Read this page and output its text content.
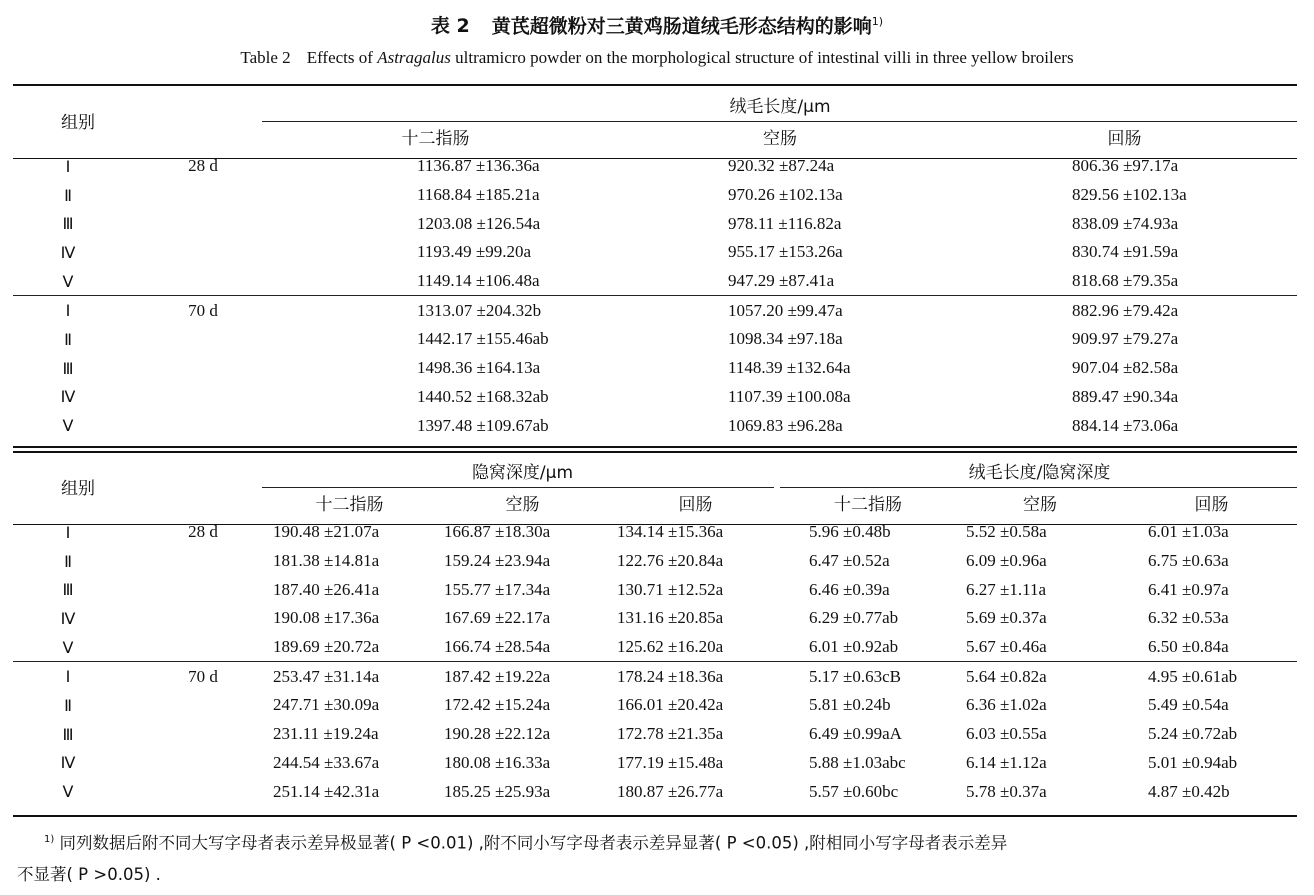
表 2 黄芪超微粉对三黄鸡肠道绒毛形态结构的影响$^{1)}$
Table 2 Effects of Astragalus ultramicro powder on the morphological structure of intestinal villi in three yellow broilers
组别		绒毛长度/μm		
		十二指肠	空肠	回肠
Ⅰ	28 d	1136.87 ±136.36a	920.32 ±87.24a	806.36 ±97.17a
Ⅱ		1168.84 ±185.21a	970.26 ±102.13a	829.56 ±102.13a
Ⅲ		1203.08 ±126.54a	978.11 ±116.82a	838.09 ±74.93a
Ⅳ		1193.49 ±99.20a	955.17 ±153.26a	830.74 ±91.59a
Ⅴ		1149.14 ±106.48a	947.29 ±87.41a	818.68 ±79.35a
Ⅰ	70 d	1313.07 ±204.32b	1057.20 ±99.47a	882.96 ±79.42a
Ⅱ		1442.17 ±155.46ab	1098.34 ±97.18a	909.97 ±79.27a
Ⅲ		1498.36 ±164.13a	1148.39 ±132.64a	907.04 ±82.58a
Ⅳ		1440.52 ±168.32ab	1107.39 ±100.08a	889.47 ±90.34a
Ⅴ		1397.48 ±109.67ab	1069.83 ±96.28a	884.14 ±73.06a
组别		隐窝深度/μm			绒毛长度/隐窝深度		
		十二指肠	空肠	回肠	十二指肠	空肠	回肠
Ⅰ	28 d	190.48 ±21.07a	166.87 ±18.30a	134.14 ±15.36a	5.96 ±0.48b	5.52 ±0.58a	6.01 ±1.03a
Ⅱ		181.38 ±14.81a	159.24 ±23.94a	122.76 ±20.84a	6.47 ±0.52a	6.09 ±0.96a	6.75 ±0.63a
Ⅲ		187.40 ±26.41a	155.77 ±17.34a	130.71 ±12.52a	6.46 ±0.39a	6.27 ±1.11a	6.41 ±0.97a
Ⅳ		190.08 ±17.36a	167.69 ±22.17a	131.16 ±20.85a	6.29 ±0.77ab	5.69 ±0.37a	6.32 ±0.53a
Ⅴ		189.69 ±20.72a	166.74 ±28.54a	125.62 ±16.20a	6.01 ±0.92ab	5.67 ±0.46a	6.50 ±0.84a
Ⅰ	70 d	253.47 ±31.14a	187.42 ±19.22a	178.24 ±18.36a	5.17 ±0.63cB	5.64 ±0.82a	4.95 ±0.61ab
Ⅱ		247.71 ±30.09a	172.42 ±15.24a	166.01 ±20.42a	5.81 ±0.24b	6.36 ±1.02a	5.49 ±0.54a
Ⅲ		231.11 ±19.24a	190.28 ±22.12a	172.78 ±21.35a	6.49 ±0.99aA	6.03 ±0.55a	5.24 ±0.72ab
Ⅳ		244.54 ±33.67a	180.08 ±16.33a	177.19 ±15.48a	5.88 ±1.03abc	6.14 ±1.12a	5.01 ±0.94ab
Ⅴ		251.14 ±42.31a	185.25 ±25.93a	180.87 ±26.77a	5.57 ±0.60bc	5.78 ±0.37a	4.87 ±0.42b
$^{1)}$ 同列数据后附不同大写字母者表示差异极显著( P <0.01) ,附不同小写字母者表示差异显著( P <0.05) ,附相同小写字母者表示差异
不显著( P >0.05) .
